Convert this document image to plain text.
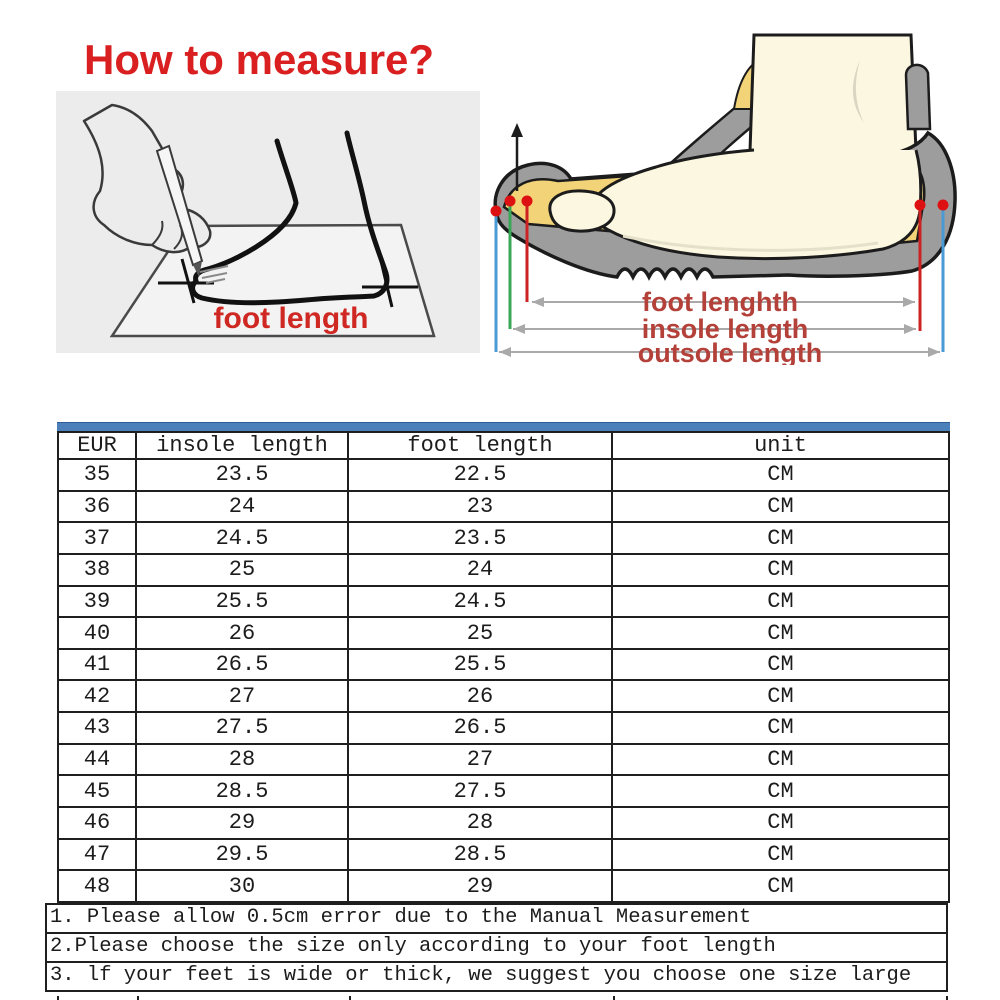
How to measure?
foot length	foot lenghth
insole length
outsole length
EUR	insole length	foot length	unit
35	23.5	22.5	CM
36	24	23	CM
37	24.5	23.5	CM
38	25	24	CM
39	25.5	24.5	CM
40	26	25	CM
41	26.5	25.5	CM
42	27	26	CM
43	27.5	26.5	CM
44	28	27	CM
45	28.5	27.5	CM
46	29	28	CM
47	29.5	28.5	CM
48	30	29	CM
1. Please allow 0.5cm error due to the Manual Measurement
2.Please choose the size only according to your foot length
3. lf your feet is wide or thick, we suggest you choose one size large
